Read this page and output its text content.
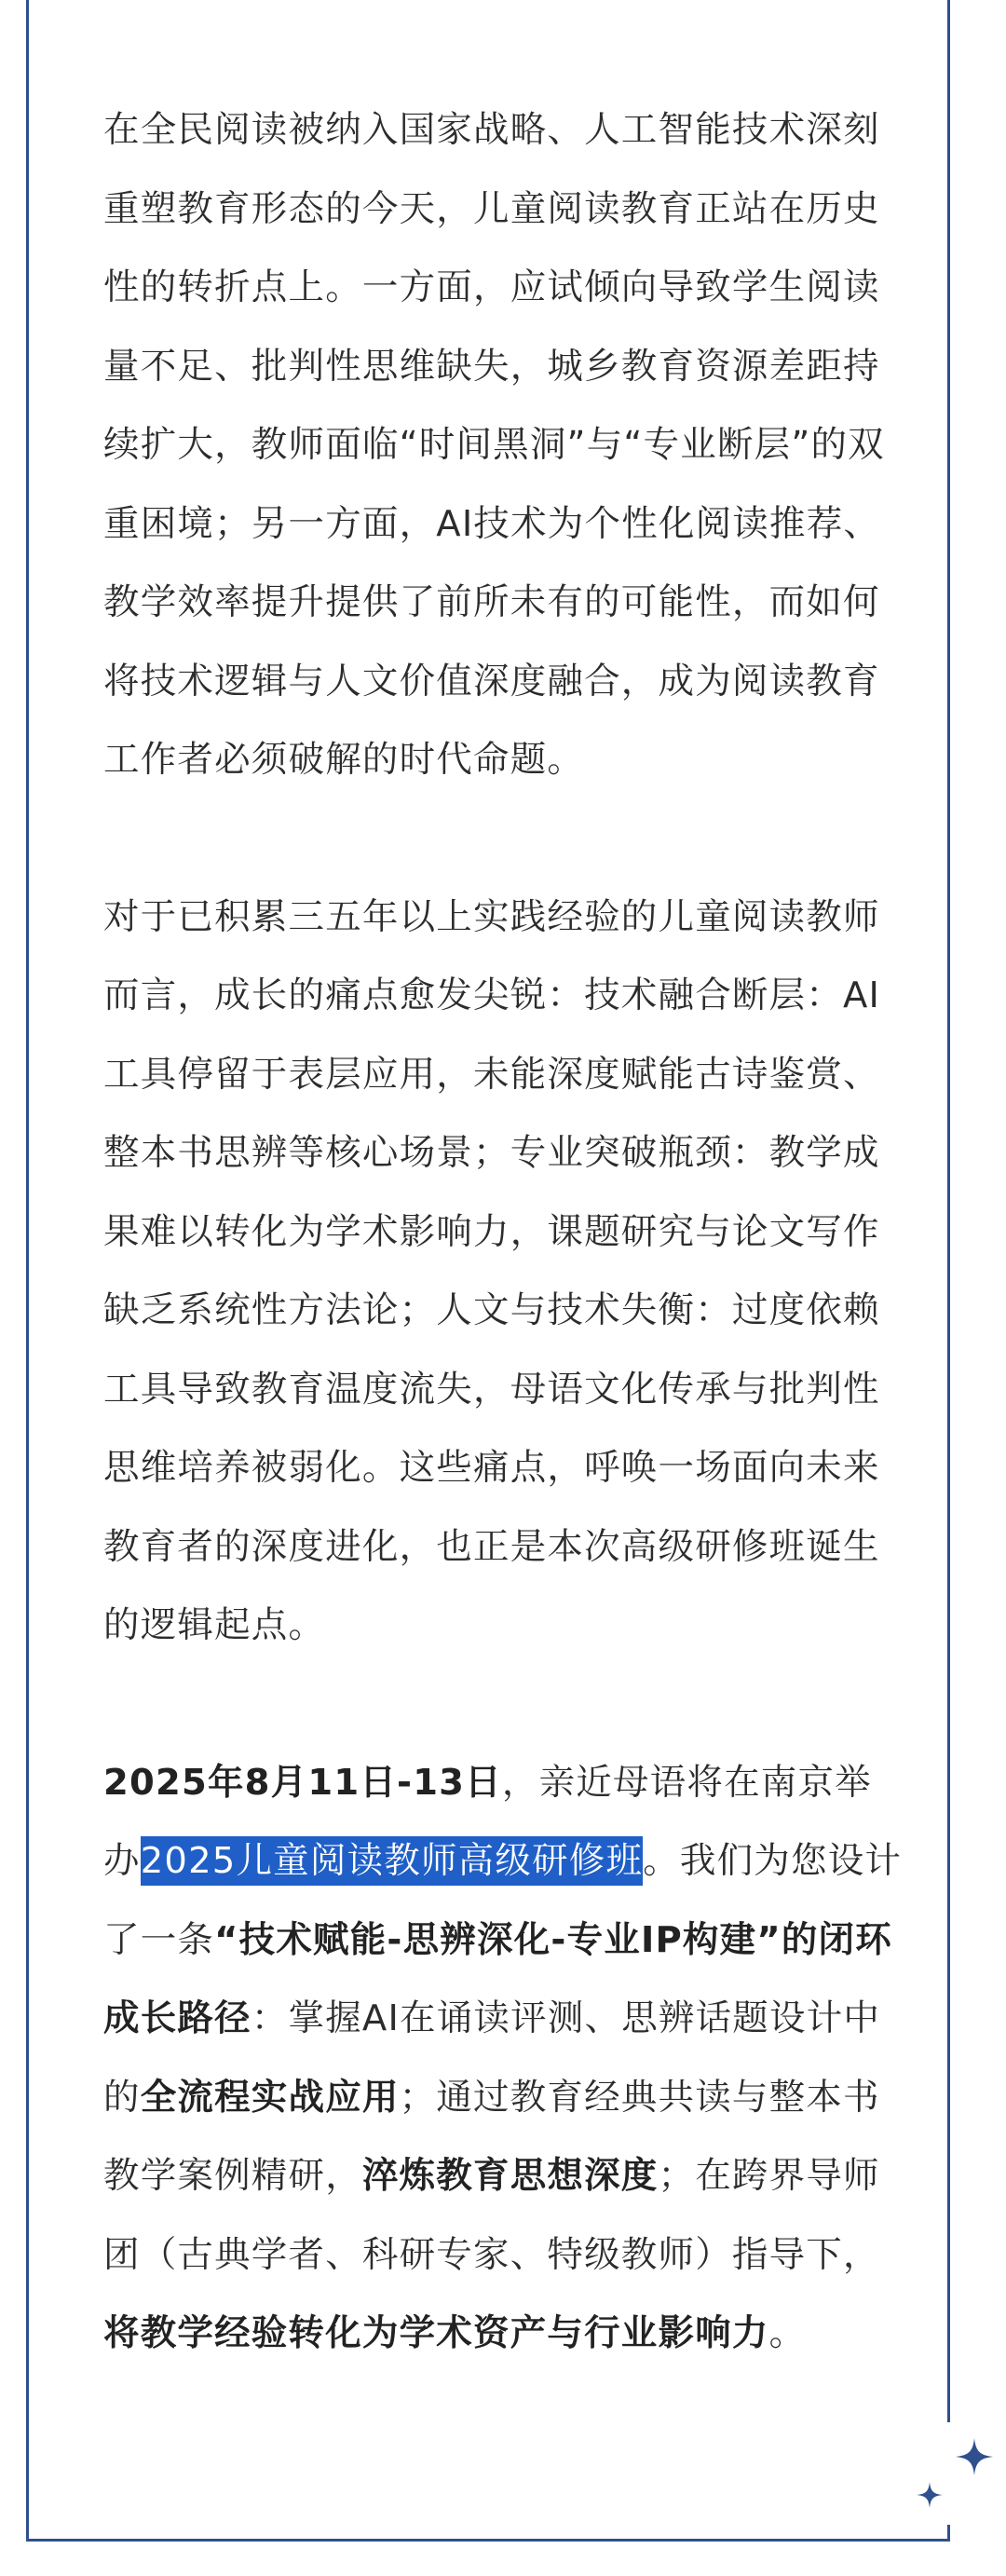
在全民阅读被纳入国家战略、人工智能技术深刻重塑教育形态的今天，儿童阅读教育正站在历史性的转折点上。一方面，应试倾向导致学生阅读量不足、批判性思维缺失，城乡教育资源差距持续扩大，教师面临“时间黑洞”与“专业断层”的双重困境；另一方面，AI技术为个性化阅读推荐、教学效率提升提供了前所未有的可能性，而如何将技术逻辑与人文价值深度融合，成为阅读教育工作者必须破解的时代命题。

对于已积累三五年以上实践经验的儿童阅读教师而言，成长的痛点愈发尖锐：技术融合断层：AI工具停留于表层应用，未能深度赋能古诗鉴赏、整本书思辨等核心场景；专业突破瓶颈：教学成果难以转化为学术影响力，课题研究与论文写作缺乏系统性方法论；人文与技术失衡：过度依赖工具导致教育温度流失，母语文化传承与批判性思维培养被弱化。这些痛点，呼唤一场面向未来教育者的深度进化，也正是本次高级研修班诞生的逻辑起点。

2025年8月11日-13日，亲近母语将在南京举办2025儿童阅读教师高级研修班。我们为您设计了一条“技术赋能-思辨深化-专业IP构建”的闭环成长路径：掌握AI在诵读评测、思辨话题设计中的全流程实战应用；通过教育经典共读与整本书教学案例精研，淬炼教育思想深度；在跨界导师团（古典学者、科研专家、特级教师）指导下，将教学经验转化为学术资产与行业影响力。
